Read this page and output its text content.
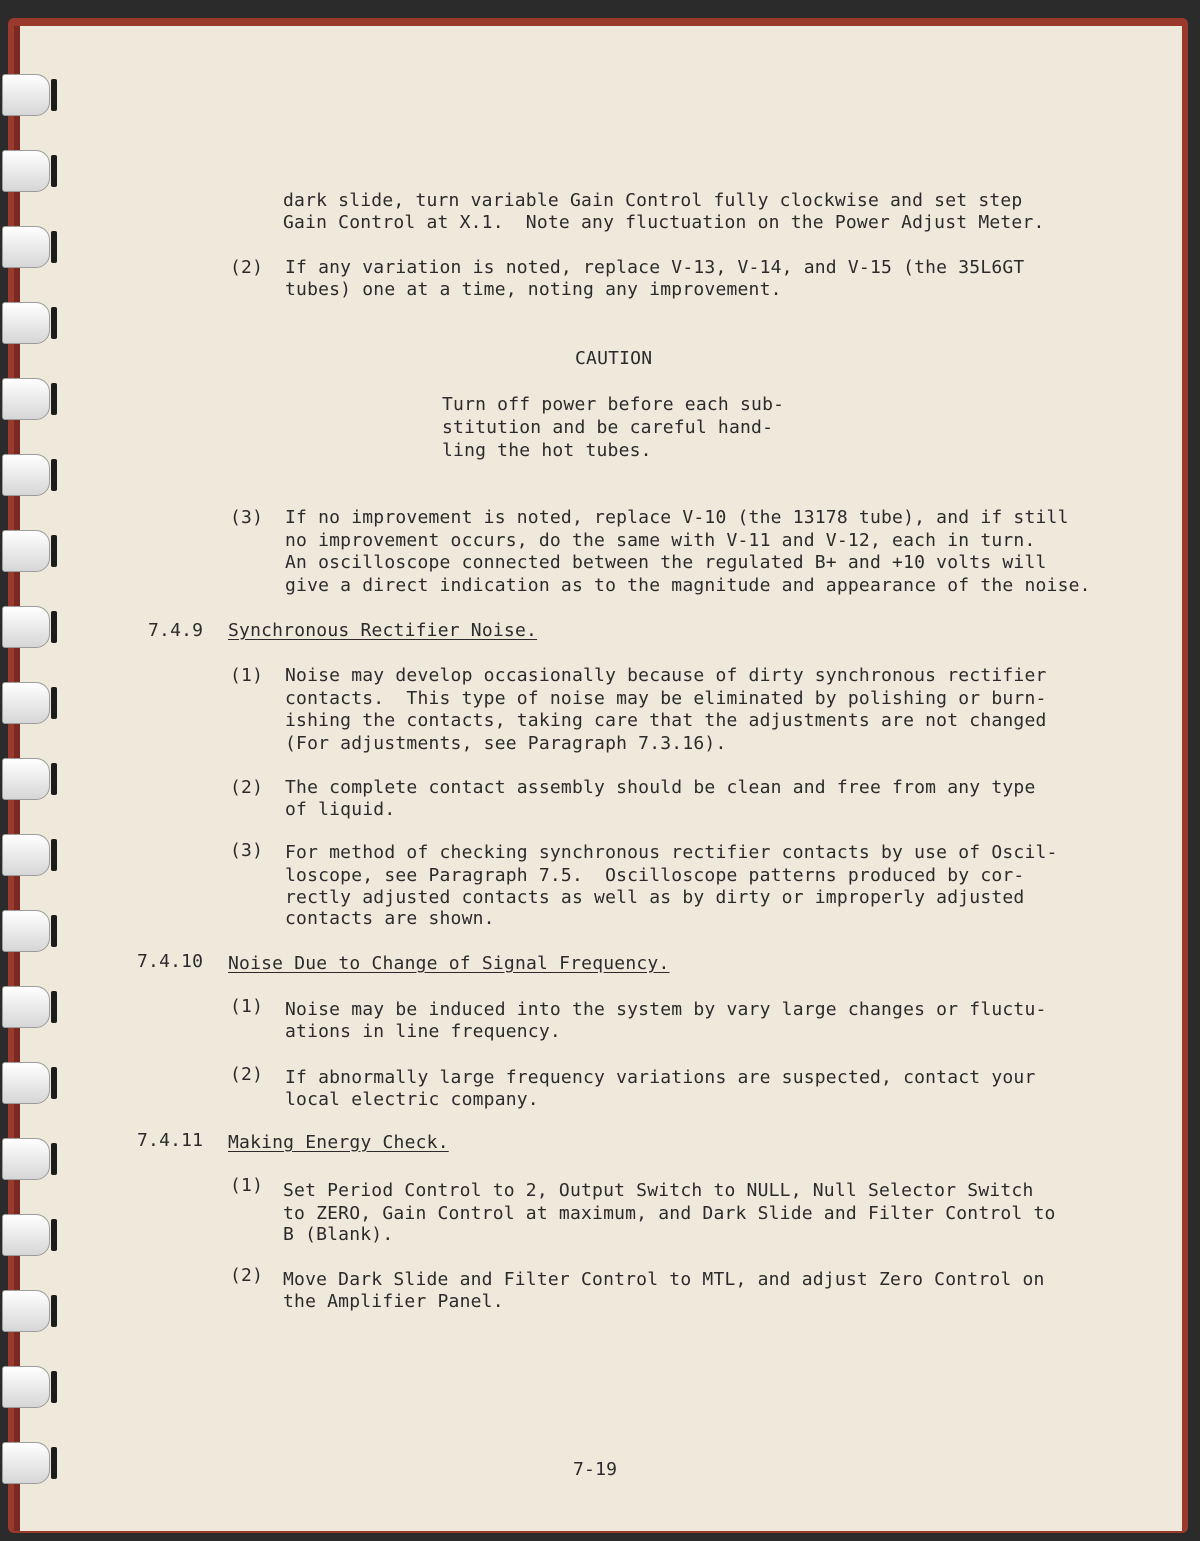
dark slide, turn variable Gain Control fully clockwise and set step
Gain Control at X.1.  Note any fluctuation on the Power Adjust Meter.
(2) If any variation is noted, replace V-13, V-14, and V-15 (the 35L6GT
tubes) one at a time, noting any improvement.
CAUTION
Turn off power before each sub-
stitution and be careful hand-
ling the hot tubes.
(3) If no improvement is noted, replace V-10 (the 13178 tube), and if still
no improvement occurs, do the same with V-11 and V-12, each in turn.
An oscilloscope connected between the regulated B+ and +10 volts will
give a direct indication as to the magnitude and appearance of the noise.
7.4.9 Synchronous Rectifier Noise.
(1) Noise may develop occasionally because of dirty synchronous rectifier
contacts.  This type of noise may be eliminated by polishing or burn-
ishing the contacts, taking care that the adjustments are not changed
(For adjustments, see Paragraph 7.3.16).
(2) The complete contact assembly should be clean and free from any type
of liquid.
(3) For method of checking synchronous rectifier contacts by use of Oscil-
loscope, see Paragraph 7.5.  Oscilloscope patterns produced by cor-
rectly adjusted contacts as well as by dirty or improperly adjusted
contacts are shown.
7.4.10 Noise Due to Change of Signal Frequency.
(1) Noise may be induced into the system by vary large changes or fluctu-
ations in line frequency.
(2) If abnormally large frequency variations are suspected, contact your
local electric company.
7.4.11 Making Energy Check.
(1) Set Period Control to 2, Output Switch to NULL, Null Selector Switch
to ZERO, Gain Control at maximum, and Dark Slide and Filter Control to
B (Blank).
(2) Move Dark Slide and Filter Control to MTL, and adjust Zero Control on
the Amplifier Panel.
7-19
